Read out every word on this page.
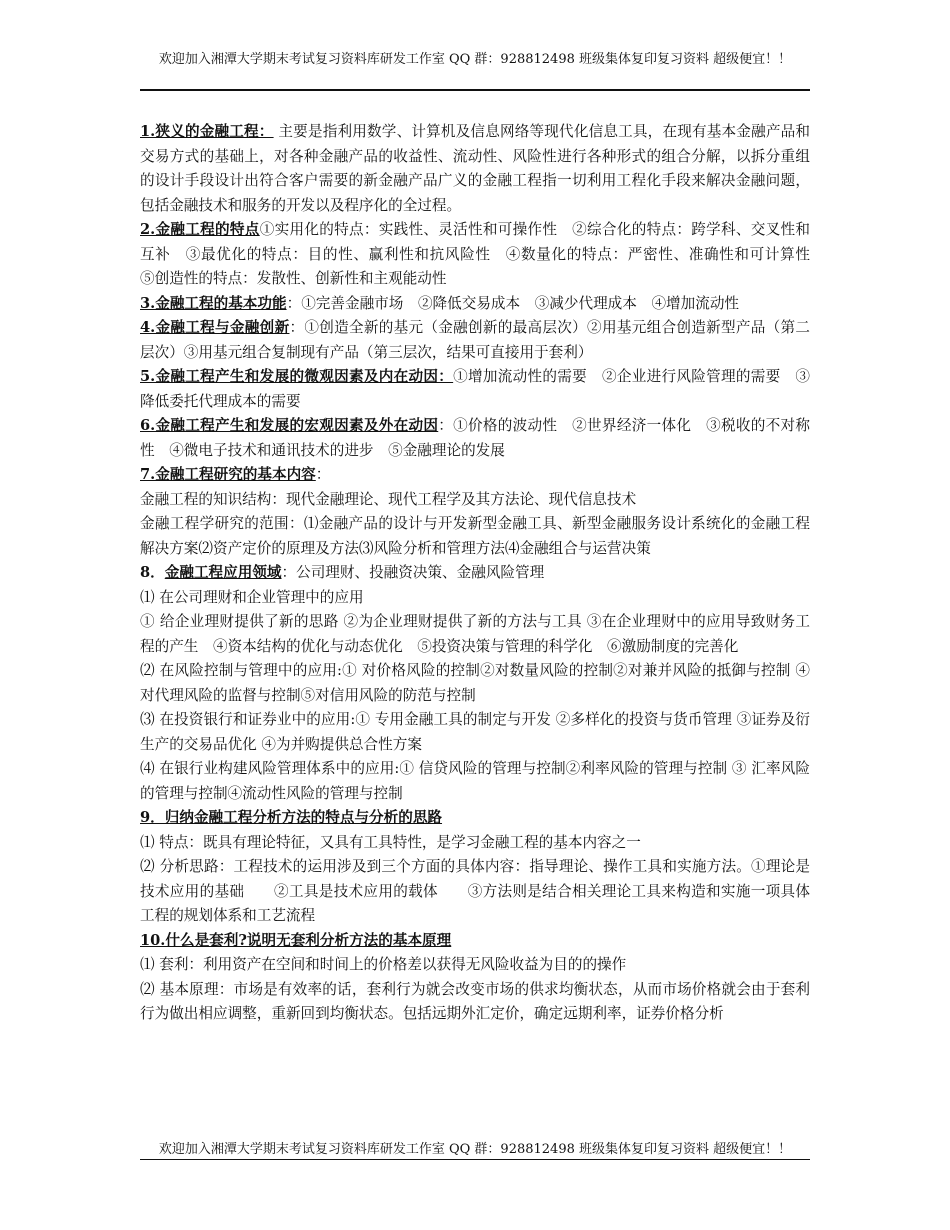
欢迎加入湘潭大学期末考试复习资料库研发工作室 QQ 群：928812498 班级集体复印复习资料 超级便宜！！

1.狭义的金融工程： 主要是指利用数学、计算机及信息网络等现代化信息工具，在现有基本金融产品和交易方式的基础上，对各种金融产品的收益性、流动性、风险性进行各种形式的组合分解，以拆分重组的设计手段设计出符合客户需要的新金融产品广义的金融工程指一切利用工程化手段来解决金融问题，包括金融技术和服务的开发以及程序化的全过程。

2.金融工程的特点①实用化的特点：实践性、灵活性和可操作性　②综合化的特点：跨学科、交叉性和互补　③最优化的特点：目的性、赢利性和抗风险性　④数量化的特点：严密性、准确性和可计算性　⑤创造性的特点：发散性、创新性和主观能动性

3.金融工程的基本功能：①完善金融市场　②降低交易成本　③减少代理成本　④增加流动性

4.金融工程与金融创新：①创造全新的基元（金融创新的最高层次）②用基元组合创造新型产品（第二层次）③用基元组合复制现有产品（第三层次，结果可直接用于套利）

5.金融工程产生和发展的微观因素及内在动因：①增加流动性的需要　②企业进行风险管理的需要　③降低委托代理成本的需要

6.金融工程产生和发展的宏观因素及外在动因：①价格的波动性　②世界经济一体化　③税收的不对称性　④微电子技术和通讯技术的进步　⑤金融理论的发展

7.金融工程研究的基本内容：

金融工程的知识结构：现代金融理论、现代工程学及其方法论、现代信息技术

金融工程学研究的范围：⑴金融产品的设计与开发新型金融工具、新型金融服务设计系统化的金融工程解决方案⑵资产定价的原理及方法⑶风险分析和管理方法⑷金融组合与运营决策

8．金融工程应用领域：公司理财、投融资决策、金融风险管理

⑴ 在公司理财和企业管理中的应用

① 给企业理财提供了新的思路 ②为企业理财提供了新的方法与工具 ③在企业理财中的应用导致财务工程的产生　④资本结构的优化与动态优化　⑤投资决策与管理的科学化　⑥激励制度的完善化

⑵ 在风险控制与管理中的应用:① 对价格风险的控制②对数量风险的控制②对兼并风险的抵御与控制 ④对代理风险的监督与控制⑤对信用风险的防范与控制

⑶ 在投资银行和证券业中的应用:① 专用金融工具的制定与开发 ②多样化的投资与货币管理 ③证券及衍生产的交易品优化 ④为并购提供总合性方案

⑷ 在银行业构建风险管理体系中的应用:① 信贷风险的管理与控制②利率风险的管理与控制 ③ 汇率风险的管理与控制④流动性风险的管理与控制

9．归纳金融工程分析方法的特点与分析的思路

⑴ 特点：既具有理论特征，又具有工具特性，是学习金融工程的基本内容之一

⑵ 分析思路：工程技术的运用涉及到三个方面的具体内容：指导理论、操作工具和实施方法。①理论是技术应用的基础　　②工具是技术应用的载体　　③方法则是结合相关理论工具来构造和实施一项具体工程的规划体系和工艺流程

10.什么是套利?说明无套利分析方法的基本原理

⑴ 套利：利用资产在空间和时间上的价格差以获得无风险收益为目的的操作

⑵ 基本原理：市场是有效率的话，套利行为就会改变市场的供求均衡状态，从而市场价格就会由于套利行为做出相应调整，重新回到均衡状态。包括远期外汇定价，确定远期利率，证券价格分析

欢迎加入湘潭大学期末考试复习资料库研发工作室 QQ 群：928812498 班级集体复印复习资料 超级便宜！！
